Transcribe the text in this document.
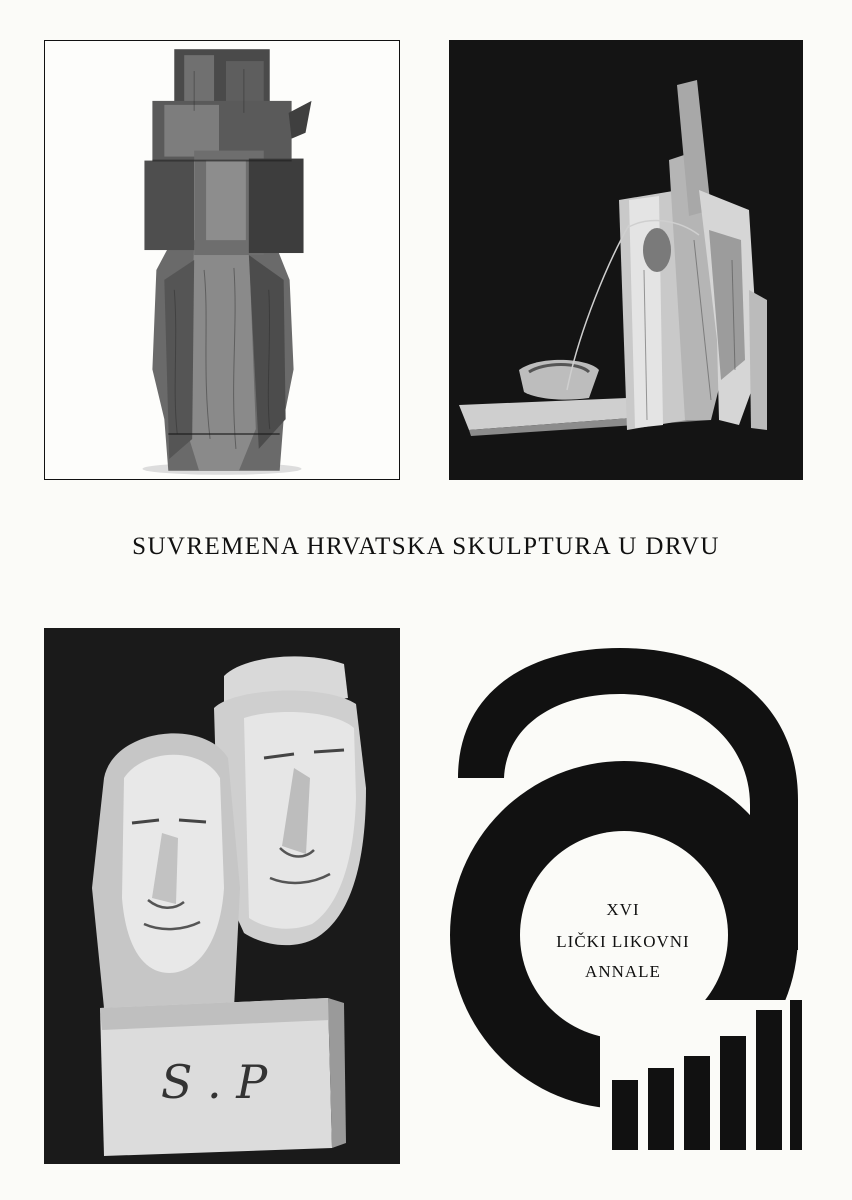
SUVREMENA HRVATSKA SKULPTURA U DRVU
S . P
XVI
LIČKI LIKOVNI
ANNALE
